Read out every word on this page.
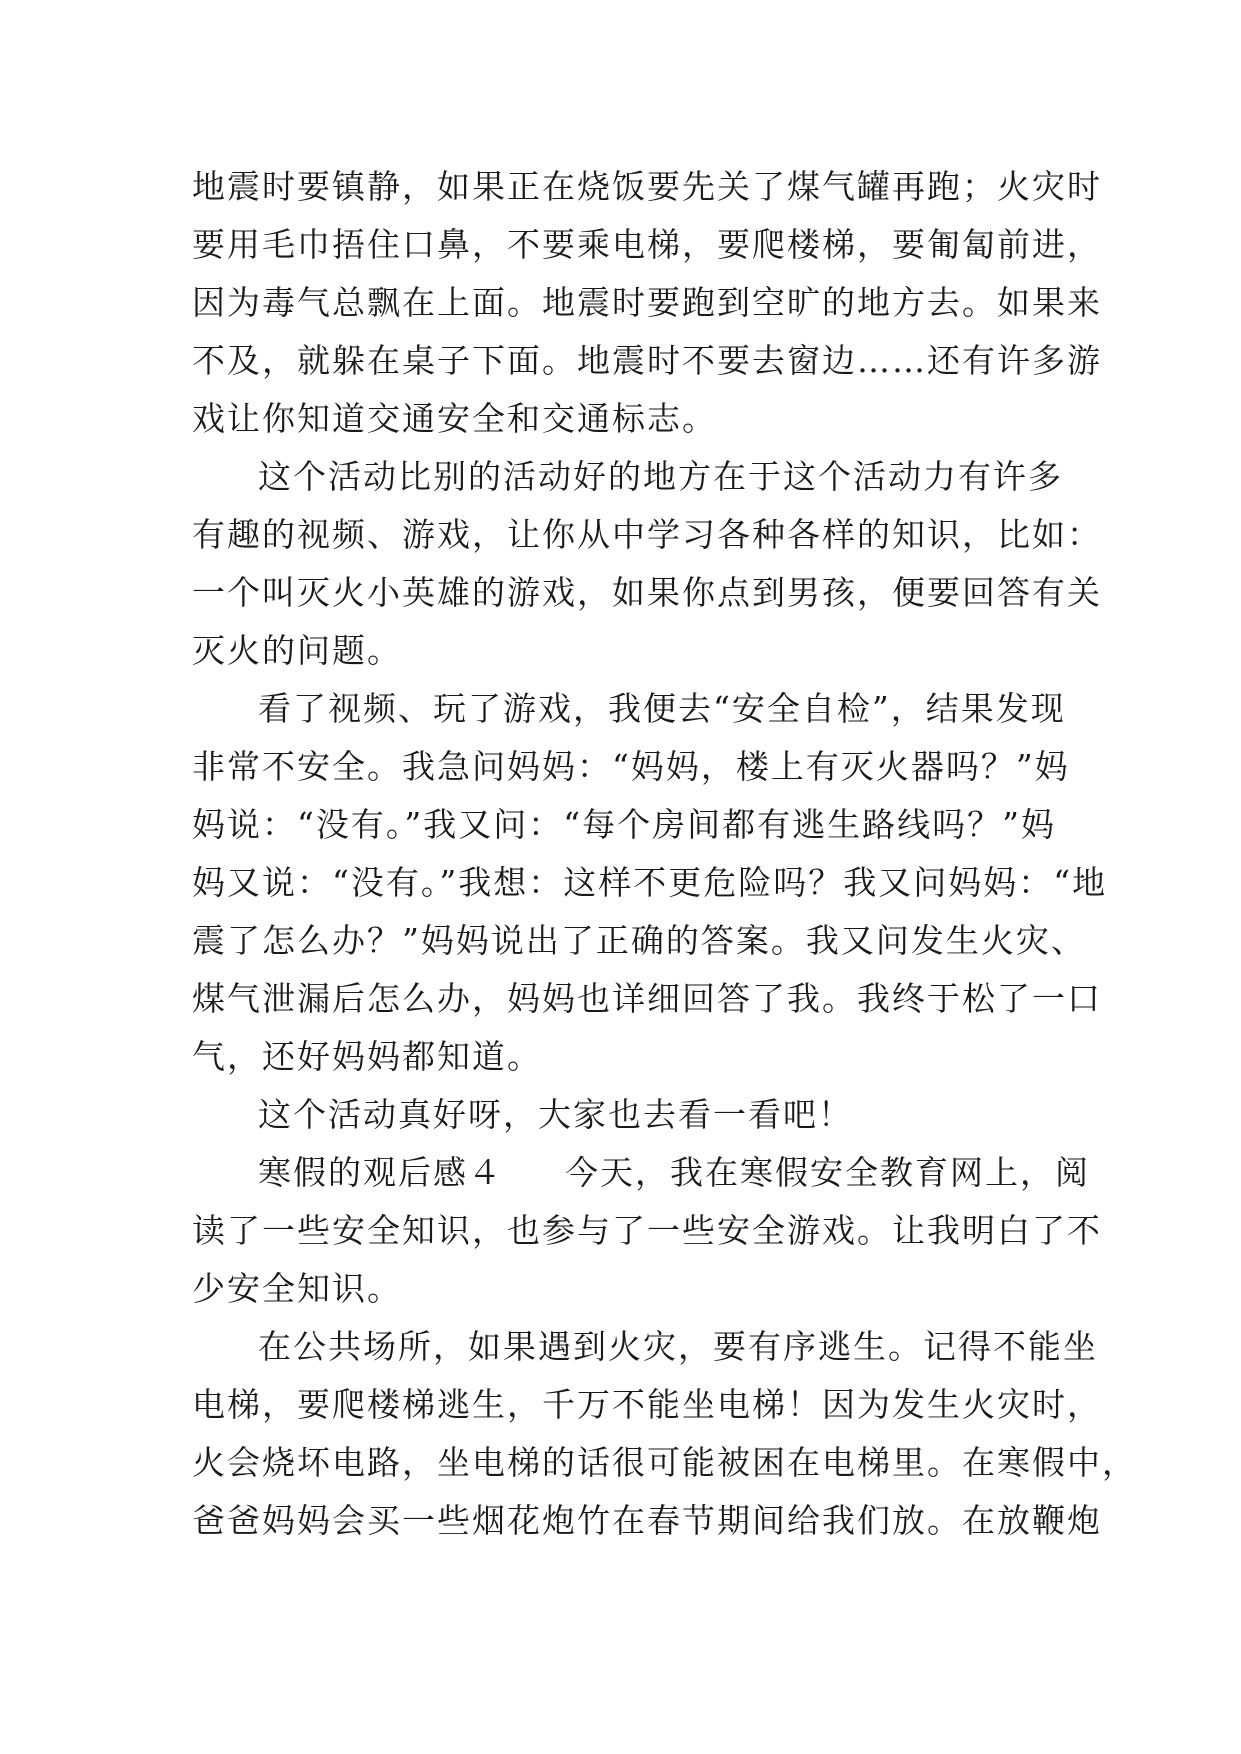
地震时要镇静，如果正在烧饭要先关了煤气罐再跑；火灾时
要用毛巾捂住口鼻，不要乘电梯，要爬楼梯，要匍匐前进，
因为毒气总飘在上面。地震时要跑到空旷的地方去。如果来
不及，就躲在桌子下面。地震时不要去窗边……还有许多游
戏让你知道交通安全和交通标志。
这个活动比别的活动好的地方在于这个活动力有许多
有趣的视频、游戏，让你从中学习各种各样的知识，比如：
一个叫灭火小英雄的游戏，如果你点到男孩，便要回答有关
灭火的问题。
看了视频、玩了游戏，我便去“安全自检”，结果发现
非常不安全。我急问妈妈：“妈妈，楼上有灭火器吗？”妈
妈说：“没有。”我又问：“每个房间都有逃生路线吗？”妈
妈又说：“没有。”我想：这样不更危险吗？我又问妈妈：“地
震了怎么办？”妈妈说出了正确的答案。我又问发生火灾、
煤气泄漏后怎么办，妈妈也详细回答了我。我终于松了一口
气，还好妈妈都知道。
这个活动真好呀，大家也去看一看吧！
寒假的观后感４ 今天，我在寒假安全教育网上，阅
读了一些安全知识，也参与了一些安全游戏。让我明白了不
少安全知识。
在公共场所，如果遇到火灾，要有序逃生。记得不能坐
电梯，要爬楼梯逃生，千万不能坐电梯！因为发生火灾时，
火会烧坏电路，坐电梯的话很可能被困在电梯里。在寒假中，
爸爸妈妈会买一些烟花炮竹在春节期间给我们放。在放鞭炮
